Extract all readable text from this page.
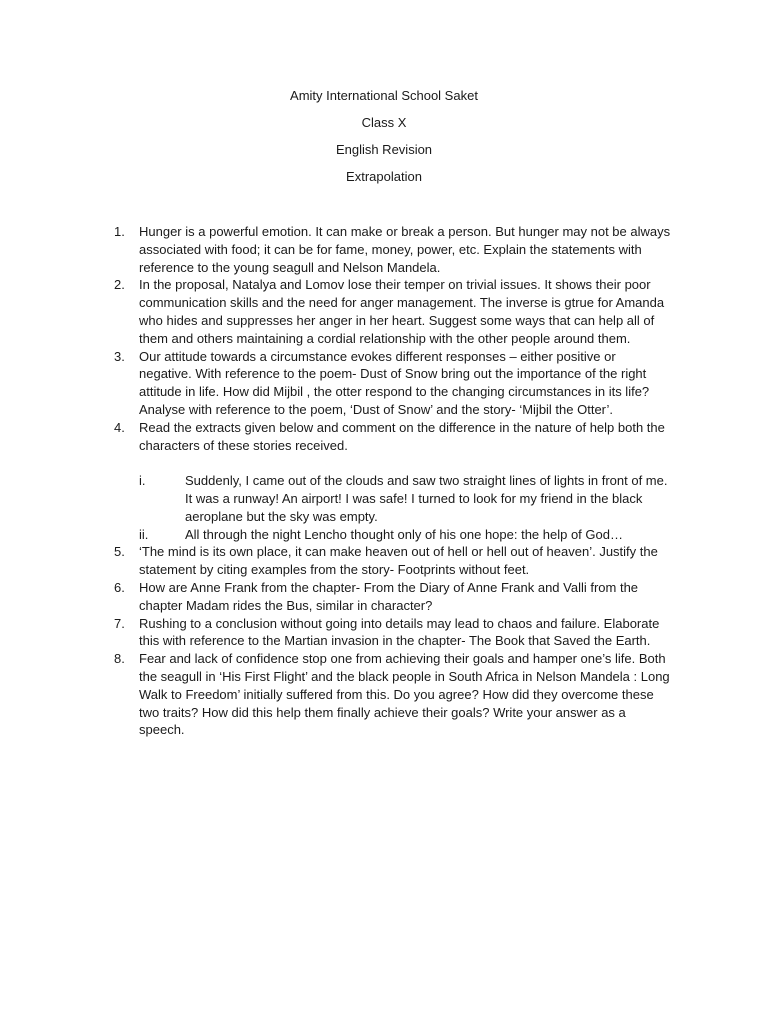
Amity International School Saket
Class X
English Revision
Extrapolation
1. Hunger is a powerful emotion. It can make or break a person. But hunger may not be always associated with food; it can be for fame, money, power, etc. Explain the statements with reference to the young seagull and Nelson Mandela.
2. In the proposal, Natalya and Lomov lose their temper on trivial issues. It shows their poor communication skills and the need for anger management. The inverse is gtrue for Amanda who hides and suppresses her anger in her heart. Suggest some ways that can help all of them and others maintaining a cordial relationship with the other people around them.
3. Our attitude towards a circumstance evokes different responses – either positive or negative. With reference to the poem- Dust of Snow bring out the importance of the right attitude in life. How did Mijbil , the otter respond to the changing circumstances in its life? Analyse with reference to the poem, ‘Dust of Snow’ and the story- ‘Mijbil the Otter’.
4. Read the extracts given below and comment on the difference in the nature of help both the characters of these stories received.
i.	Suddenly, I came out of the clouds and saw two straight lines of lights in front of me. It was a runway! An airport! I was safe! I turned to look for my friend in the black aeroplane but the sky was empty.
ii.	All through the night Lencho thought only of his one hope: the help of God…
5. ‘The mind is its own place, it can make heaven out of hell or hell out of heaven’. Justify the statement by citing examples from the story- Footprints without feet.
6. How are Anne Frank from the chapter- From the Diary of Anne Frank and Valli from the chapter Madam rides the Bus, similar in character?
7. Rushing to a conclusion without going into details may lead to chaos and failure. Elaborate this with reference to the Martian invasion in the chapter- The Book that Saved the Earth.
8. Fear and lack of confidence stop one from achieving their goals and hamper one’s life. Both the seagull in ‘His First Flight’ and the black people in South Africa in Nelson Mandela : Long Walk to Freedom’ initially suffered from this. Do you agree? How did they overcome these two traits? How did this help them finally achieve their goals? Write your answer as a speech.
